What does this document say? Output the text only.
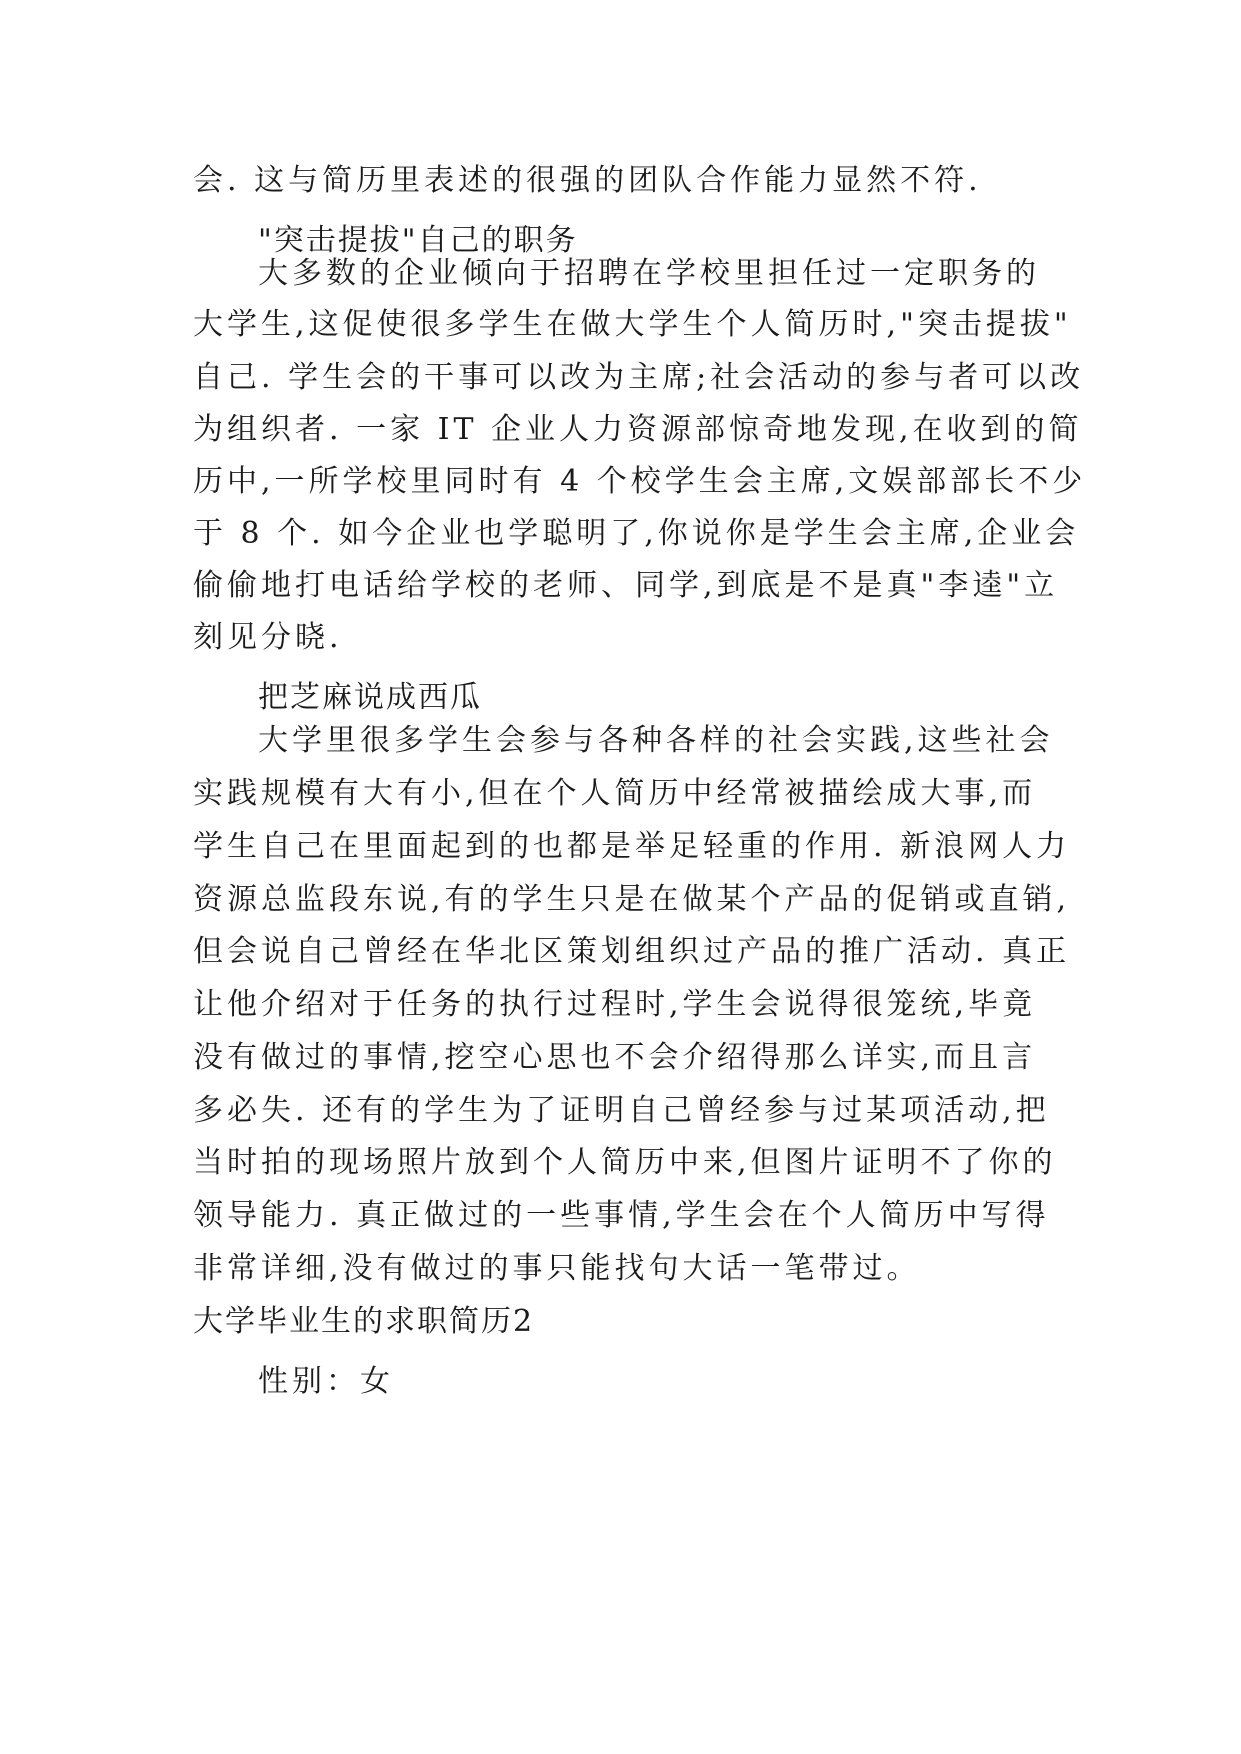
会. 这与简历里表述的很强的团队合作能力显然不符.

"突击提拔"自己的职务

大多数的企业倾向于招聘在学校里担任过一定职务的

大学生,这促使很多学生在做大学生个人简历时,"突击提拔"

自己. 学生会的干事可以改为主席;社会活动的参与者可以改

为组织者. 一家 IT 企业人力资源部惊奇地发现,在收到的简

历中,一所学校里同时有 4 个校学生会主席,文娱部部长不少

于 8 个. 如今企业也学聪明了,你说你是学生会主席,企业会

偷偷地打电话给学校的老师、同学,到底是不是真"李逵"立

刻见分晓.

把芝麻说成西瓜

大学里很多学生会参与各种各样的社会实践,这些社会

实践规模有大有小,但在个人简历中经常被描绘成大事,而

学生自己在里面起到的也都是举足轻重的作用. 新浪网人力

资源总监段东说,有的学生只是在做某个产品的促销或直销,

但会说自己曾经在华北区策划组织过产品的推广活动. 真正

让他介绍对于任务的执行过程时,学生会说得很笼统,毕竟

没有做过的事情,挖空心思也不会介绍得那么详实,而且言

多必失. 还有的学生为了证明自己曾经参与过某项活动,把

当时拍的现场照片放到个人简历中来,但图片证明不了你的

领导能力. 真正做过的一些事情,学生会在个人简历中写得

非常详细,没有做过的事只能找句大话一笔带过。

大学毕业生的求职简历2

性别：女
